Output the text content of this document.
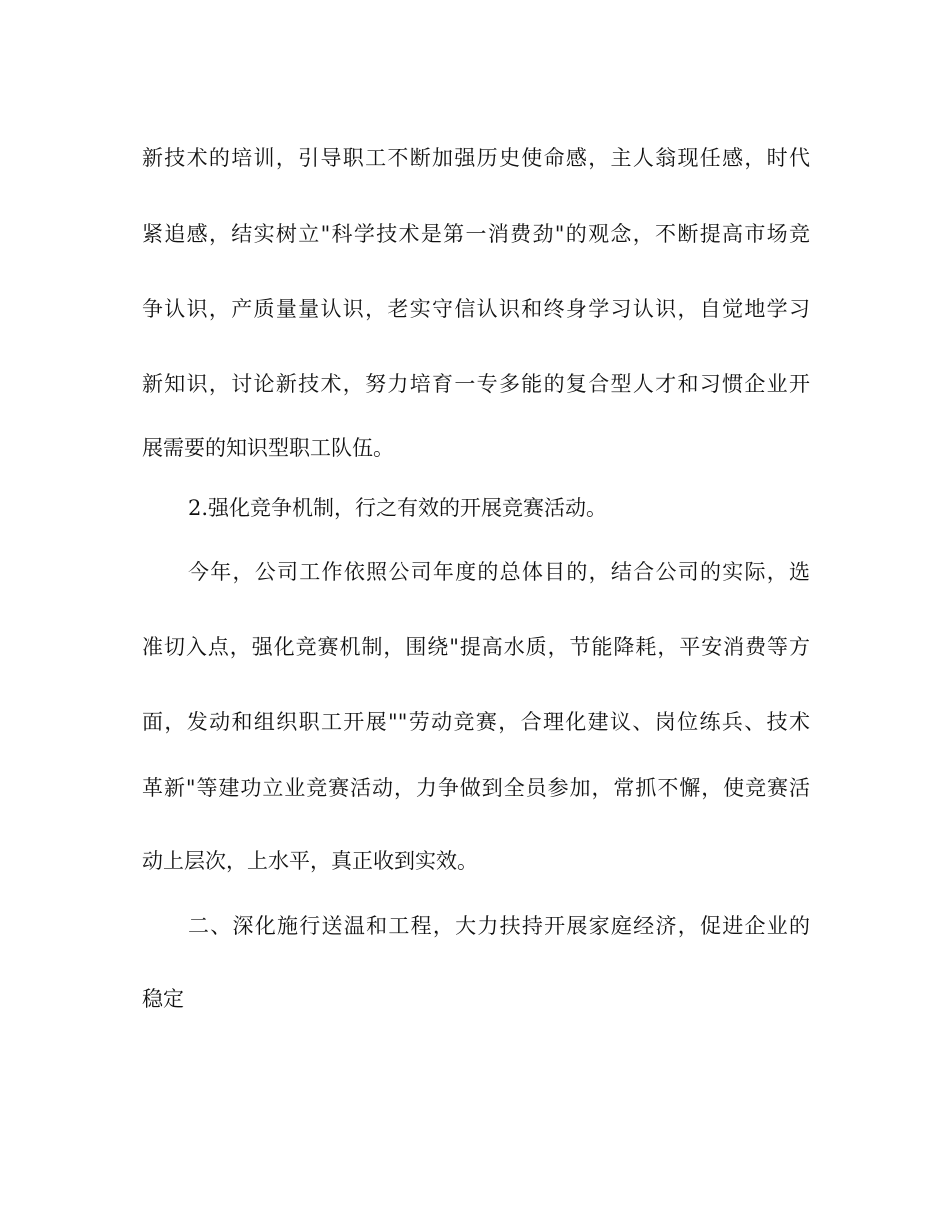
新技术的培训，引导职工不断加强历史使命感，主人翁现任感，时代
紧追感，结实树立"科学技术是第一消费劲"的观念，不断提高市场竞
争认识，产质量量认识，老实守信认识和终身学习认识，自觉地学习
新知识，讨论新技术，努力培育一专多能的复合型人才和习惯企业开
展需要的知识型职工队伍。
2.强化竞争机制，行之有效的开展竞赛活动。
今年，公司工作依照公司年度的总体目的，结合公司的实际，选
准切入点，强化竞赛机制，围绕"提高水质，节能降耗，平安消费等方
面，发动和组织职工开展""劳动竞赛，合理化建议、岗位练兵、技术
革新"等建功立业竞赛活动，力争做到全员参加，常抓不懈，使竞赛活
动上层次，上水平，真正收到实效。
二、深化施行送温和工程，大力扶持开展家庭经济，促进企业的
稳定
